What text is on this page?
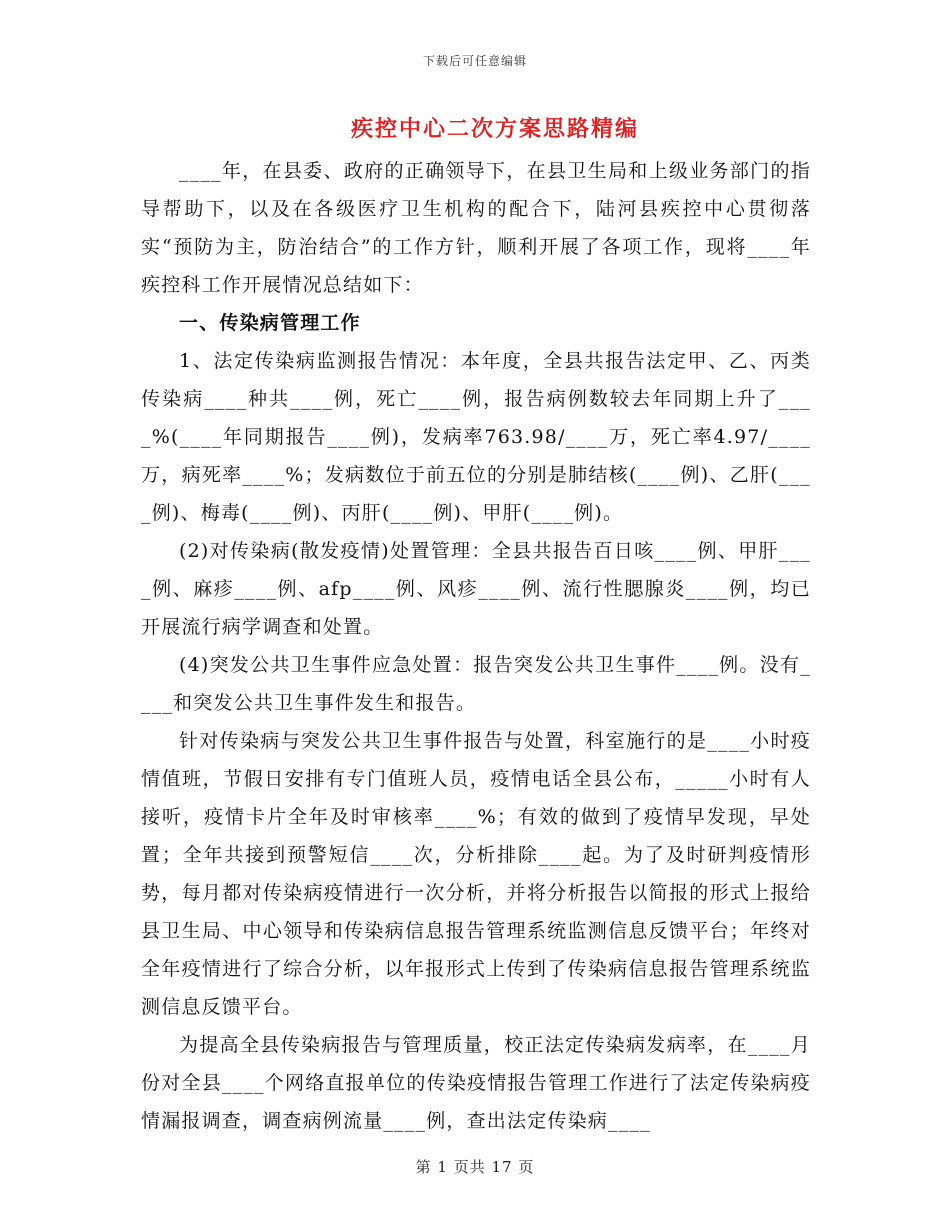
下载后可任意编辑
疾控中心二次方案思路精编

____年，在县委、政府的正确领导下，在县卫生局和上级业务部门的指导帮助下，以及在各级医疗卫生机构的配合下，陆河县疾控中心贯彻落实“预防为主，防治结合”的工作方针，顺利开展了各项工作，现将____年疾控科工作开展情况总结如下：

一、传染病管理工作

1、法定传染病监测报告情况：本年度，全县共报告法定甲、乙、丙类传染病____种共____例，死亡____例，报告病例数较去年同期上升了____%(____年同期报告____例)，发病率763.98/____万，死亡率4.97/____万，病死率____%；发病数位于前五位的分别是肺结核(____例)、乙肝(____例)、梅毒(____例)、丙肝(____例)、甲肝(____例)。

(2)对传染病(散发疫情)处置管理：全县共报告百日咳____例、甲肝____例、麻疹____例、afp____例、风疹____例、流行性腮腺炎____例，均已开展流行病学调查和处置。

(4)突发公共卫生事件应急处置：报告突发公共卫生事件____例。没有____和突发公共卫生事件发生和报告。

针对传染病与突发公共卫生事件报告与处置，科室施行的是____小时疫情值班，节假日安排有专门值班人员，疫情电话全县公布，_____小时有人接听，疫情卡片全年及时审核率____%；有效的做到了疫情早发现，早处置；全年共接到预警短信____次，分析排除____起。为了及时研判疫情形势，每月都对传染病疫情进行一次分析，并将分析报告以简报的形式上报给县卫生局、中心领导和传染病信息报告管理系统监测信息反馈平台；年终对全年疫情进行了综合分析，以年报形式上传到了传染病信息报告管理系统监测信息反馈平台。

为提高全县传染病报告与管理质量，校正法定传染病发病率，在____月份对全县____个网络直报单位的传染疫情报告管理工作进行了法定传染病疫情漏报调查，调查病例流量____例，查出法定传染病____

第 1 页共 17 页
